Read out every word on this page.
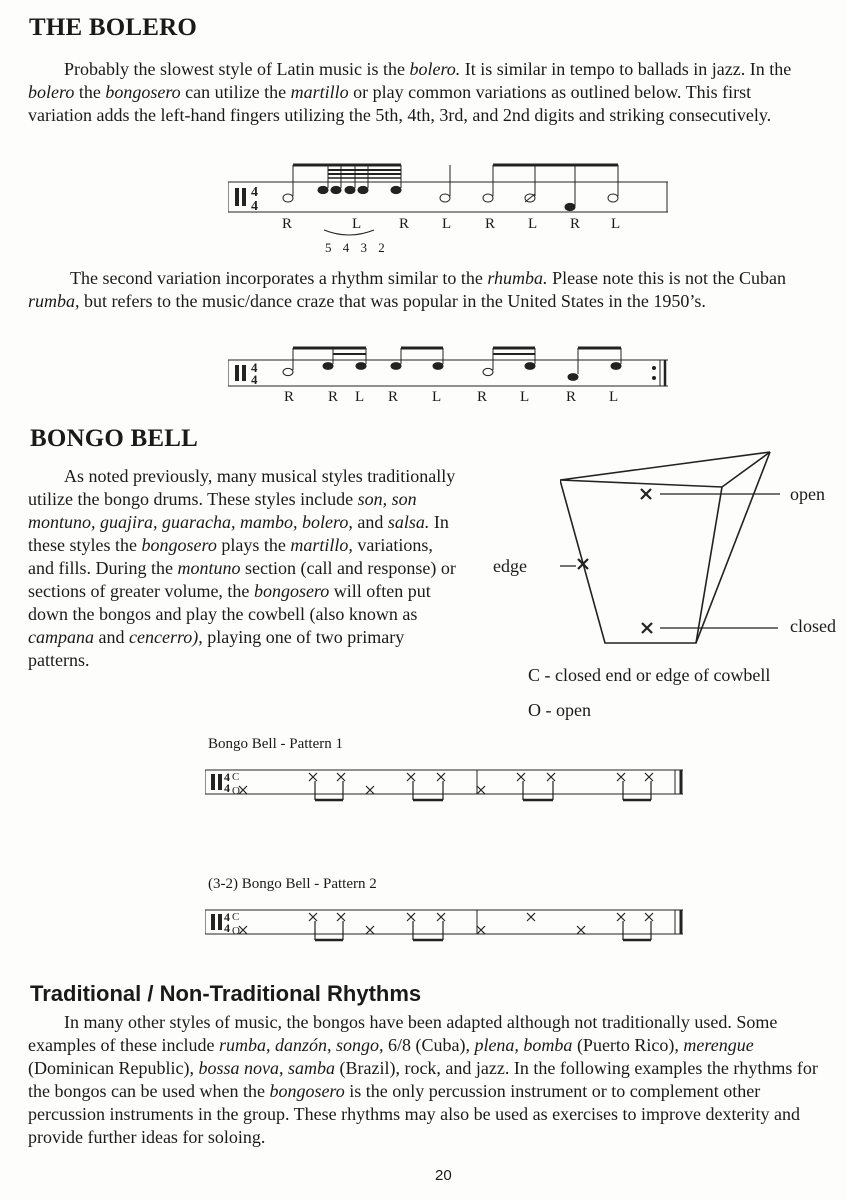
THE BOLERO
Probably the slowest style of Latin music is the bolero. It is similar in tempo to ballads in jazz. In the bolero the bongosero can utilize the martillo or play common variations as outlined below. This first variation adds the left-hand fingers utilizing the 5th, 4th, 3rd, and 2nd digits and striking consecutively.
4
4
R	L	R L R L R L
5 4 3 2
The second variation incorporates a rhythm similar to the rhumba. Please note this is not the Cuban rumba, but refers to the music/dance craze that was popular in the United States in the 1950’s.
4
4
R R L R L R L R L
BONGO BELL
As noted previously, many musical styles traditionally utilize the bongo drums. These styles include son, son montuno, guajira, guaracha, mambo, bolero, and salsa. In these styles the bongosero plays the martillo, variations, and fills. During the montuno section (call and response) or sections of greater volume, the bongosero will often put down the bongos and play the cowbell (also known as campana and cencerro), playing one of two primary patterns.
open
edge
closed
C - closed end or edge of cowbell
O - open
Bongo Bell - Pattern 1
4
4
C
O
(3-2) Bongo Bell - Pattern 2
4
4
C
O
Traditional / Non-Traditional Rhythms
In many other styles of music, the bongos have been adapted although not traditionally used. Some examples of these include rumba, danzón, songo, 6/8 (Cuba), plena, bomba (Puerto Rico), merengue (Dominican Republic), bossa nova, samba (Brazil), rock, and jazz. In the following examples the rhythms for the bongos can be used when the bongosero is the only percussion instrument or to complement other percussion instruments in the group. These rhythms may also be used as exercises to improve dexterity and provide further ideas for soloing.
20
